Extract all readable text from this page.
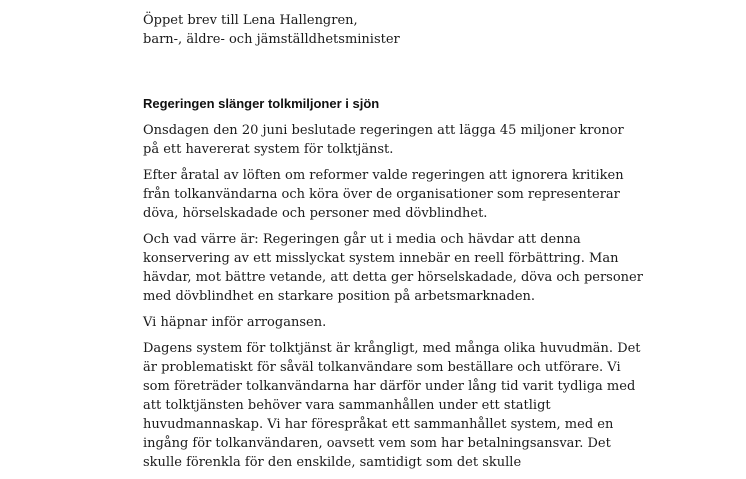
Öppet brev till Lena Hallengren,
barn-, äldre- och jämställdhetsminister
Regeringen slänger tolkmiljoner i sjön

Onsdagen den 20 juni beslutade regeringen att lägga 45 miljoner kronor på ett havererat system för tolktjänst.

Efter åratal av löften om reformer valde regeringen att ignorera kritiken från tolkanvändarna och köra över de organisationer som representerar döva, hörselskadade och personer med dövblindhet.

Och vad värre är: Regeringen går ut i media och hävdar att denna konservering av ett misslyckat system innebär en reell förbättring. Man hävdar, mot bättre vetande, att detta ger hörselskadade, döva och personer med dövblindhet en starkare position på arbetsmarknaden.

Vi häpnar inför arrogansen.

Dagens system för tolktjänst är krångligt, med många olika huvudmän. Det är problematiskt för såväl tolkanvändare som beställare och utförare. Vi som företräder tolkanvändarna har därför under lång tid varit tydliga med att tolktjänsten behöver vara sammanhållen under ett statligt huvudmannaskap. Vi har förespråkat ett sammanhållet system, med en ingång för tolkanvändaren, oavsett vem som har betalningsansvar. Det skulle förenkla för den enskilde, samtidigt som det skulle
